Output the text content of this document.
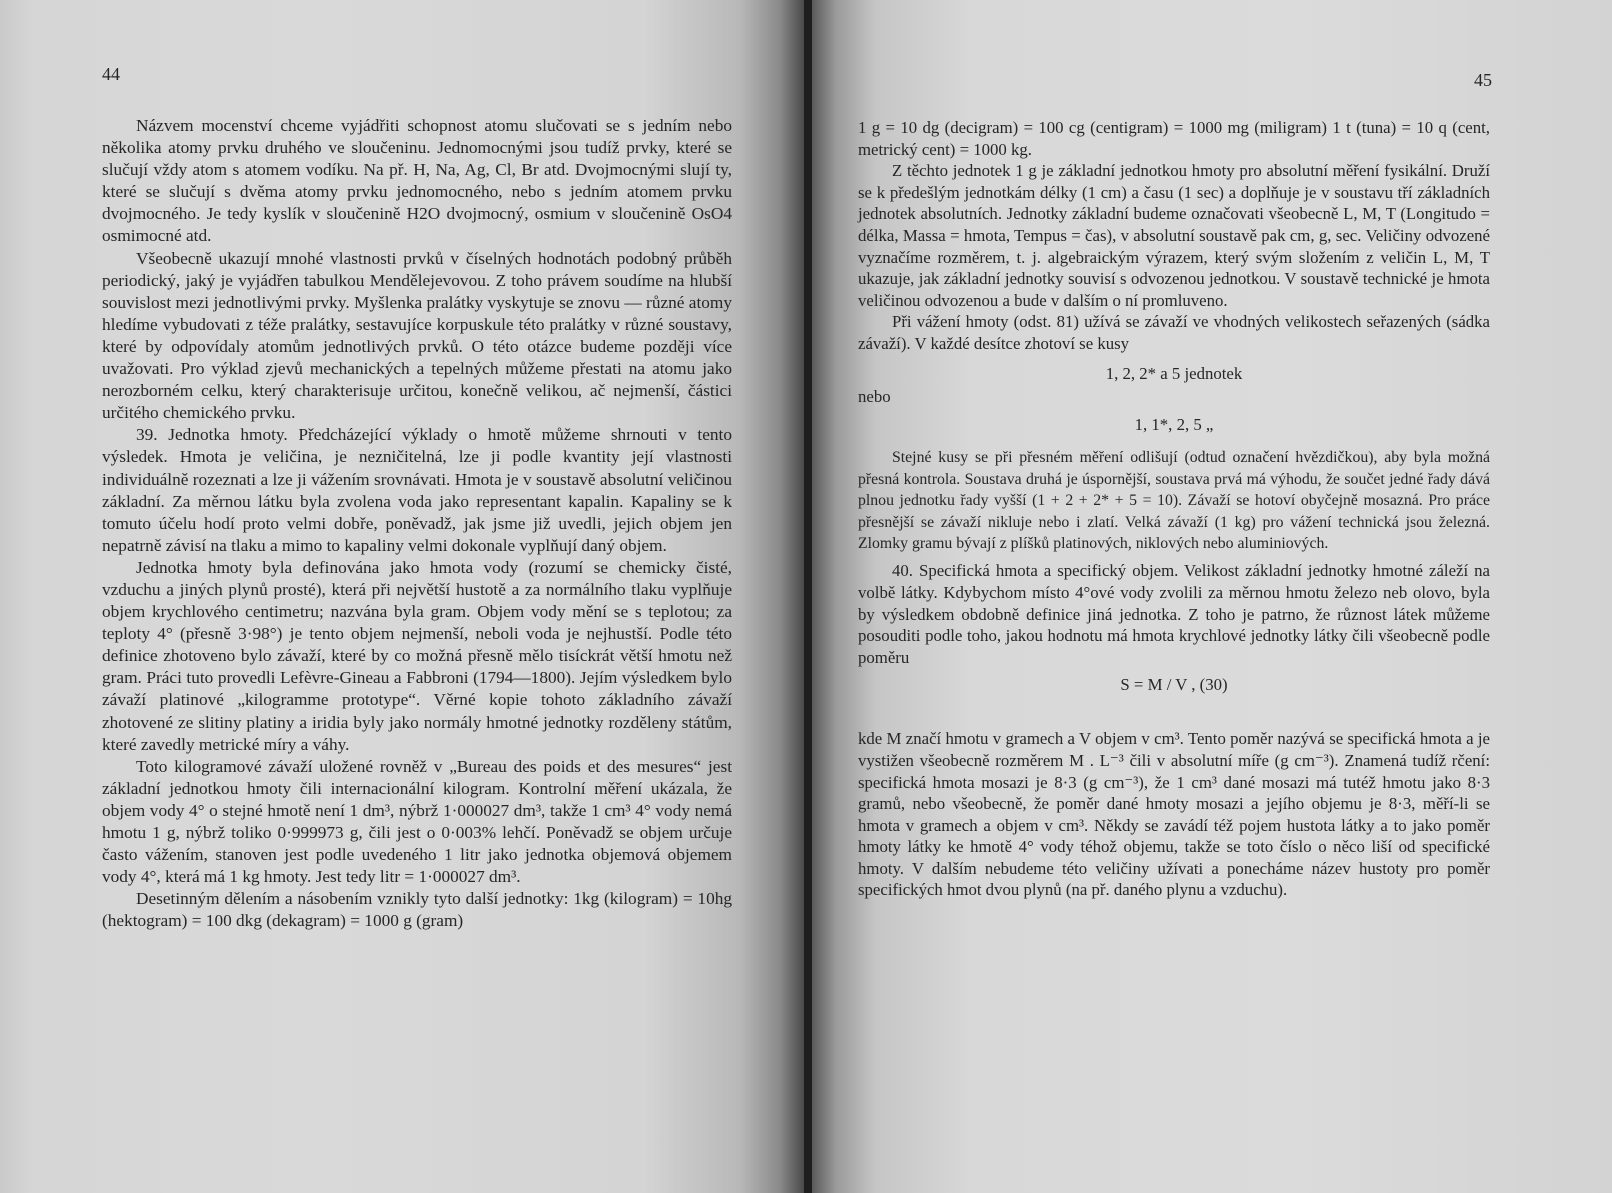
44

Názvem mocenství chceme vyjádřiti schopnost atomu slučovati se s jedním nebo několika atomy prvku druhého ve sloučeninu. Jednomocnými jsou tudíž prvky, které se slučují vždy atom s atomem vodíku. Na př. H, Na, Ag, Cl, Br atd. Dvojmocnými slují ty, které se slučují s dvěma atomy prvku jednomocného, nebo s jedním atomem prvku dvojmocného. Je tedy kyslík v sloučenině H2O dvojmocný, osmium v sloučenině OsO4 osmimocné atd.

Všeobecně ukazují mnohé vlastnosti prvků v číselných hodnotách podobný průběh periodický, jaký je vyjádřen tabulkou Mendělejevovou. Z toho právem soudíme na hlubší souvislost mezi jednotlivými prvky. Myšlenka pralátky vyskytuje se znovu — různé atomy hledíme vybudovati z téže pralátky, sestavujíce korpuskule této pralátky v různé soustavy, které by odpovídaly atomům jednotlivých prvků. O této otázce budeme později více uvažovati. Pro výklad zjevů mechanických a tepelných můžeme přestati na atomu jako nerozborném celku, který charakterisuje určitou, konečně velikou, ač nejmenší, částici určitého chemického prvku.

39. Jednotka hmoty. Předcházející výklady o hmotě můžeme shrnouti v tento výsledek. Hmota je veličina, je nezničitelná, lze ji podle kvantity její vlastnosti individuálně rozeznati a lze ji vážením srovnávati. Hmota je v soustavě absolutní veličinou základní. Za měrnou látku byla zvolena voda jako representant kapalin. Kapaliny se k tomuto účelu hodí proto velmi dobře, poněvadž, jak jsme již uvedli, jejich objem jen nepatrně závisí na tlaku a mimo to kapaliny velmi dokonale vyplňují daný objem.

Jednotka hmoty byla definována jako hmota vody (rozumí se chemicky čisté, vzduchu a jiných plynů prosté), která při největší hustotě a za normálního tlaku vyplňuje objem krychlového centimetru; nazvána byla gram. Objem vody mění se s teplotou; za teploty 4° (přesně 3·98°) je tento objem nejmenší, neboli voda je nejhustší. Podle této definice zhotoveno bylo závaží, které by co možná přesně mělo tisíckrát větší hmotu než gram. Práci tuto provedli Lefèvre-Gineau a Fabbroni (1794—1800). Jejím výsledkem bylo závaží platinové „kilogramme prototype“. Věrné kopie tohoto základního závaží zhotovené ze slitiny platiny a iridia byly jako normály hmotné jednotky rozděleny státům, které zavedly metrické míry a váhy.

Toto kilogramové závaží uložené rovněž v „Bureau des poids et des mesures“ jest základní jednotkou hmoty čili internacionální kilogram. Kontrolní měření ukázala, že objem vody 4° o stejné hmotě není 1 dm³, nýbrž 1·000027 dm³, takže 1 cm³ 4° vody nemá hmotu 1 g, nýbrž toliko 0·999973 g, čili jest o 0·003% lehčí. Poněvadž se objem určuje často vážením, stanoven jest podle uvedeného 1 litr jako jednotka objemová objemem vody 4°, která má 1 kg hmoty. Jest tedy litr = 1·000027 dm³.

Desetinným dělením a násobením vznikly tyto další jednotky: 1kg (kilogram) = 10hg (hektogram) = 100 dkg (dekagram) = 1000 g (gram)

45

1 g = 10 dg (decigram) = 100 cg (centigram) = 1000 mg (miligram) 1 t (tuna) = 10 q (cent, metrický cent) = 1000 kg.

Z těchto jednotek 1 g je základní jednotkou hmoty pro absolutní měření fysikální. Druží se k předešlým jednotkám délky (1 cm) a času (1 sec) a doplňuje je v soustavu tří základních jednotek absolutních. Jednotky základní budeme označovati všeobecně L, M, T (Longitudo = délka, Massa = hmota, Tempus = čas), v absolutní soustavě pak cm, g, sec. Veličiny odvozené vyznačíme rozměrem, t. j. algebraickým výrazem, který svým složením z veličin L, M, T ukazuje, jak základní jednotky souvisí s odvozenou jednotkou. V soustavě technické je hmota veličinou odvozenou a bude v dalším o ní promluveno.

Při vážení hmoty (odst. 81) užívá se závaží ve vhodných velikostech seřazených (sádka závaží). V každé desítce zhotoví se kusy

1, 2, 2* a 5 jednotek
nebo
1, 1*, 2, 5 „

Stejné kusy se při přesném měření odlišují (odtud označení hvězdičkou), aby byla možná přesná kontrola. Soustava druhá je úspornější, soustava prvá má výhodu, že součet jedné řady dává plnou jednotku řady vyšší (1 + 2 + 2* + 5 = 10). Závaží se hotoví obyčejně mosazná. Pro práce přesnější se závaží nikluje nebo i zlatí. Velká závaží (1 kg) pro vážení technická jsou železná. Zlomky gramu bývají z plíšků platinových, niklových nebo aluminiových.

40. Specifická hmota a specifický objem. Velikost základní jednotky hmotné záleží na volbě látky. Kdybychom místo 4°ové vody zvolili za měrnou hmotu železo neb olovo, byla by výsledkem obdobně definice jiná jednotka. Z toho je patrno, že různost látek můžeme posouditi podle toho, jakou hodnotu má hmota krychlové jednotky látky čili všeobecně podle poměru

S = M / V , (30)

kde M značí hmotu v gramech a V objem v cm³. Tento poměr nazývá se specifická hmota a je vystižen všeobecně rozměrem M . L⁻³ čili v absolutní míře (g cm⁻³). Znamená tudíž rčení: specifická hmota mosazi je 8·3 (g cm⁻³), že 1 cm³ dané mosazi má tutéž hmotu jako 8·3 gramů, nebo všeobecně, že poměr dané hmoty mosazi a jejího objemu je 8·3, měří-li se hmota v gramech a objem v cm³. Někdy se zavádí též pojem hustota látky a to jako poměr hmoty látky ke hmotě 4° vody téhož objemu, takže se toto číslo o něco liší od specifické hmoty. V dalším nebudeme této veličiny užívati a ponecháme název hustoty pro poměr specifických hmot dvou plynů (na př. daného plynu a vzduchu).
